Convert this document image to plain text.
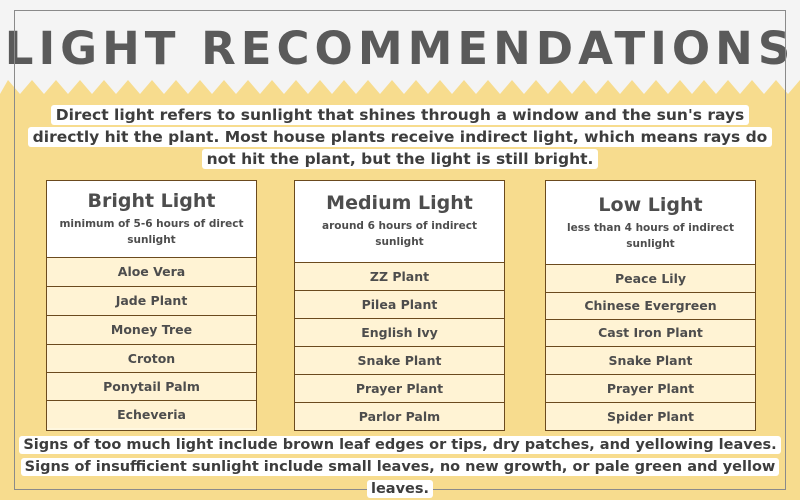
LIGHT RECOMMENDATIONS
Direct light refers to sunlight that shines through a window and the sun's rays directly hit the plant. Most house plants receive indirect light, which means rays do not hit the plant, but the light is still bright.
Bright Light
minimum of 5-6 hours of direct sunlight
Aloe Vera
Jade Plant
Money Tree
Croton
Ponytail Palm
Echeveria
Medium Light
around 6 hours of indirect sunlight
ZZ Plant
Pilea Plant
English Ivy
Snake Plant
Prayer Plant
Parlor Palm
Low Light
less than 4 hours of indirect sunlight
Peace Lily
Chinese Evergreen
Cast Iron Plant
Snake Plant
Prayer Plant
Spider Plant
Signs of too much light include brown leaf edges or tips, dry patches, and yellowing leaves. Signs of insufficient sunlight include small leaves, no new growth, or pale green and yellow leaves.
